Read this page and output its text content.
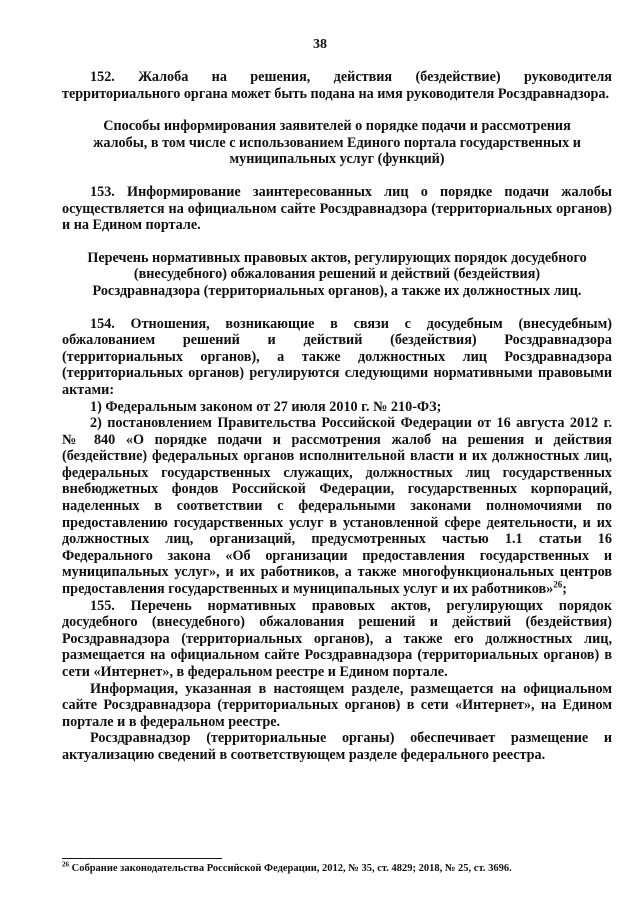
38

152. Жалоба на решения, действия (бездействие) руководителя территориального органа может быть подана на имя руководителя Росздравнадзора.

Способы информирования заявителей о порядке подачи и рассмотрения жалобы, в том числе с использованием Единого портала государственных и муниципальных услуг (функций)

153. Информирование заинтересованных лиц о порядке подачи жалобы осуществляется на официальном сайте Росздравнадзора (территориальных органов) и на Едином портале.

Перечень нормативных правовых актов, регулирующих порядок досудебного (внесудебного) обжалования решений и действий (бездействия) Росздравнадзора (территориальных органов), а также их должностных лиц.

154. Отношения, возникающие в связи с досудебным (внесудебным) обжалованием решений и действий (бездействия) Росздравнадзора (территориальных органов), а также должностных лиц Росздравнадзора (территориальных органов) регулируются следующими нормативными правовыми актами:

1) Федеральным законом от 27 июля 2010 г. № 210-ФЗ;

2) постановлением Правительства Российской Федерации от 16 августа 2012 г. № 840 «О порядке подачи и рассмотрения жалоб на решения и действия (бездействие) федеральных органов исполнительной власти и их должностных лиц, федеральных государственных служащих, должностных лиц государственных внебюджетных фондов Российской Федерации, государственных корпораций, наделенных в соответствии с федеральными законами полномочиями по предоставлению государственных услуг в установленной сфере деятельности, и их должностных лиц, организаций, предусмотренных частью 1.1 статьи 16 Федерального закона «Об организации предоставления государственных и муниципальных услуг», и их работников, а также многофункциональных центров предоставления государственных и муниципальных услуг и их работников»$^{26}$;

155. Перечень нормативных правовых актов, регулирующих порядок досудебного (внесудебного) обжалования решений и действий (бездействия) Росздравнадзора (территориальных органов), а также его должностных лиц, размещается на официальном сайте Росздравнадзора (территориальных органов) в сети «Интернет», в федеральном реестре и Едином портале.

Информация, указанная в настоящем разделе, размещается на официальном сайте Росздравнадзора (территориальных органов) в сети «Интернет», на Едином портале и в федеральном реестре.

Росздравнадзор (территориальные органы) обеспечивает размещение и актуализацию сведений в соответствующем разделе федерального реестра.

$^{26}$ Собрание законодательства Российской Федерации, 2012, № 35, ст. 4829; 2018, № 25, ст. 3696.
